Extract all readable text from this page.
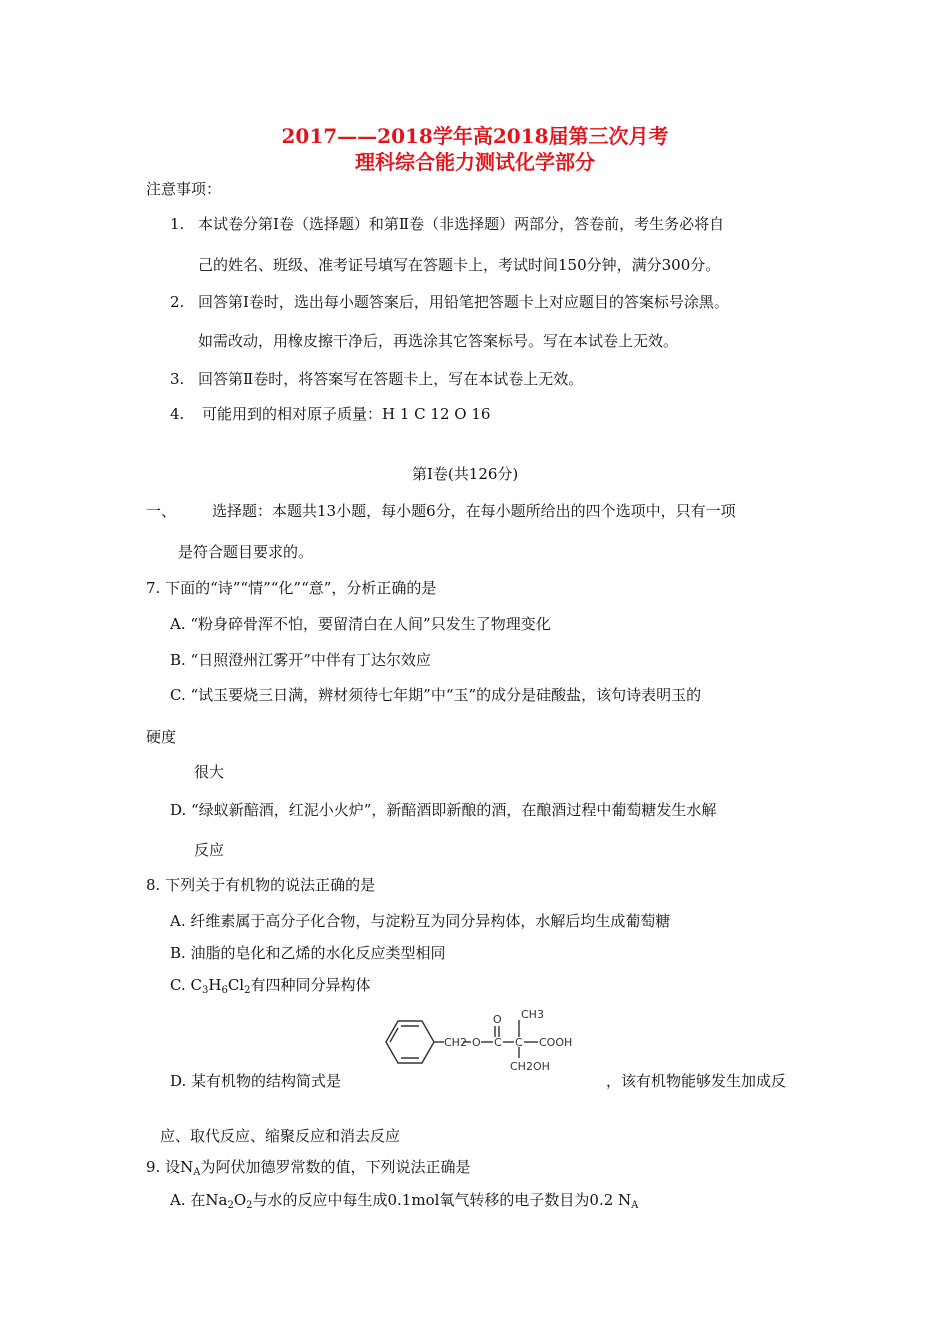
2017——2018学年高2018届第三次月考
理科综合能力测试化学部分
注意事项：
1. 本试卷分第Ⅰ卷（选择题）和第Ⅱ卷（非选择题）两部分，答卷前，考生务必将自
己的姓名、班级、准考证号填写在答题卡上，考试时间150分钟，满分300分。
2. 回答第Ⅰ卷时，选出每小题答案后，用铅笔把答题卡上对应题目的答案标号涂黑。
如需改动，用橡皮擦干净后，再选涂其它答案标号。写在本试卷上无效。
3. 回答第Ⅱ卷时，将答案写在答题卡上，写在本试卷上无效。
4. 可能用到的相对原子质量：H 1 C 12 O 16
第Ⅰ卷(共126分)
一、 选择题：本题共13小题，每小题6分，在每小题所给出的四个选项中，只有一项
是符合题目要求的。
7. 下面的“诗”“情”“化”“意”，分析正确的是
A. “粉身碎骨浑不怕，要留清白在人间”只发生了物理变化
B. “日照澄州江雾开”中伴有丁达尔效应
C. “试玉要烧三日满，辨材须待七年期”中“玉”的成分是硅酸盐，该句诗表明玉的
硬度
很大
D. “绿蚁新醅酒，红泥小火炉”，新醅酒即新酿的酒，在酿酒过程中葡萄糖发生水解
反应
8. 下列关于有机物的说法正确的是
A. 纤维素属于高分子化合物，与淀粉互为同分异构体，水解后均生成葡萄糖
B. 油脂的皂化和乙烯的水化反应类型相同
C. $C_3H_6Cl_2$有四种同分异构体
CH2 O
O
C C
CH3
COOH
CH2OH
D. 某有机物的结构简式是	，该有机物能够发生加成反
应、取代反应、缩聚反应和消去反应
9. 设$N_A$为阿伏加德罗常数的值，下列说法正确是
A. 在$Na_2O_2$与水的反应中每生成0.1mol氧气转移的电子数目为0.2 $N_A$
